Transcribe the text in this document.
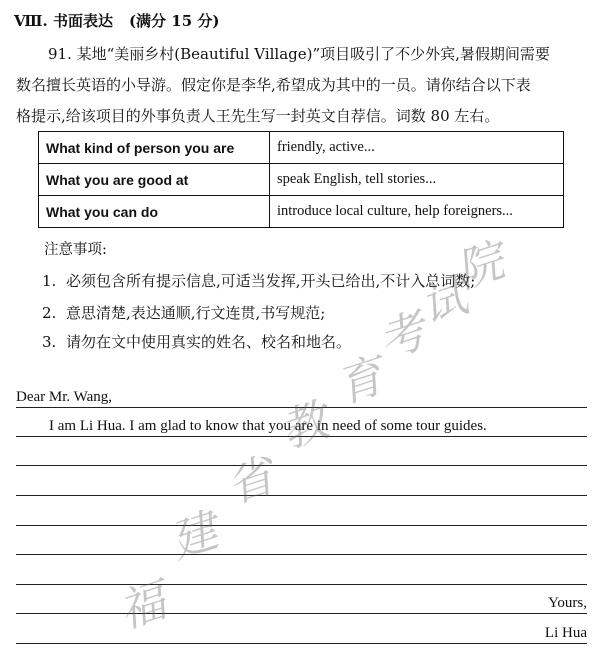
Ⅷ. 书面表达 (满分 15 分)
91. 某地“美丽乡村(Beautiful Village)”项目吸引了不少外宾,暑假期间需要
数名擅长英语的小导游。假定你是李华,希望成为其中的一员。请你结合以下表
格提示,给该项目的外事负责人王先生写一封英文自荐信。词数 80 左右。
What kind of person you are	friendly, active...
What you are good at	speak English, tell stories...
What you can do	introduce local culture, help foreigners...
注意事项:
1. 必须包含所有提示信息,可适当发挥,开头已给出,不计入总词数;
2. 意思清楚,表达通顺,行文连贯,书写规范;
3. 请勿在文中使用真实的姓名、校名和地名。
Dear Mr. Wang,
I am Li Hua. I am glad to know that you are in need of some tour guides.
Yours,
Li Hua
福
建
省
教
育
考
试
院
